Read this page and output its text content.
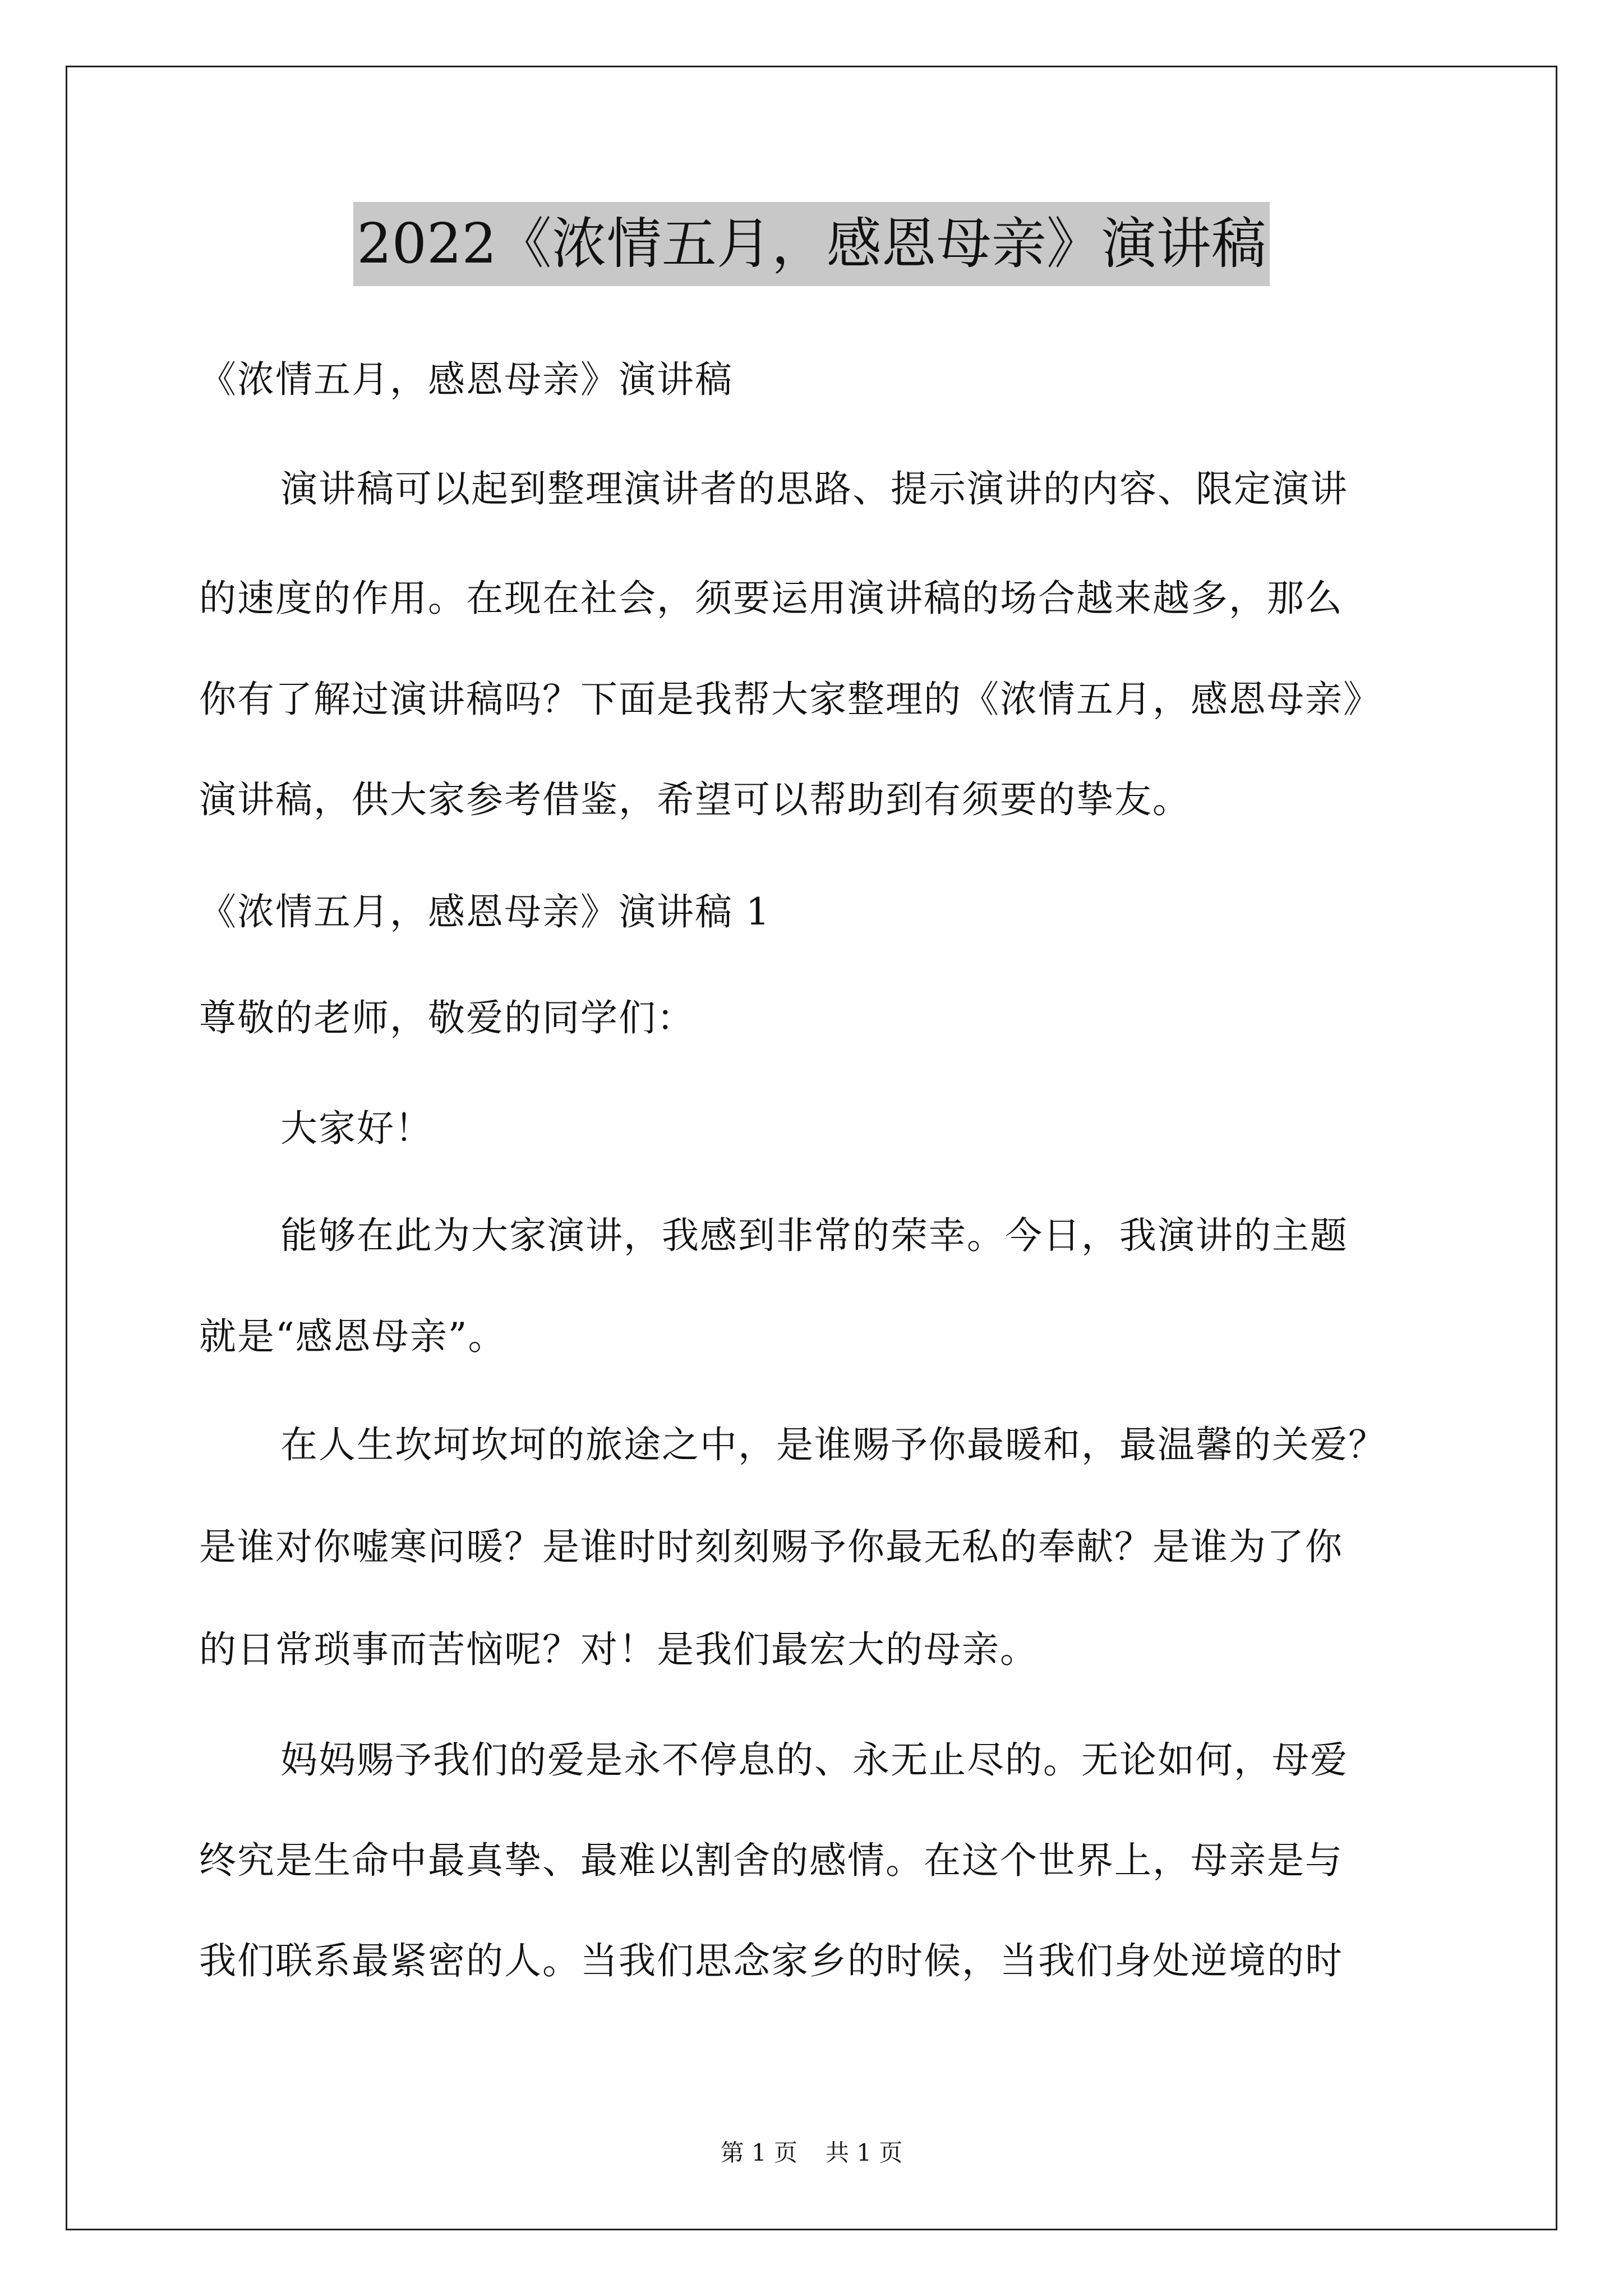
2022《浓情五月，感恩母亲》演讲稿
《浓情五月，感恩母亲》演讲稿
演讲稿可以起到整理演讲者的思路、提示演讲的内容、限定演讲
的速度的作用。在现在社会，须要运用演讲稿的场合越来越多，那么
你有了解过演讲稿吗？下面是我帮大家整理的《浓情五月，感恩母亲》
演讲稿，供大家参考借鉴，希望可以帮助到有须要的挚友。
《浓情五月，感恩母亲》演讲稿 1
尊敬的老师，敬爱的同学们：
大家好！
能够在此为大家演讲，我感到非常的荣幸。今日，我演讲的主题
就是“感恩母亲”。
在人生坎坷坎坷的旅途之中，是谁赐予你最暖和，最温馨的关爱？
是谁对你嘘寒问暖？是谁时时刻刻赐予你最无私的奉献？是谁为了你
的日常琐事而苦恼呢？对！是我们最宏大的母亲。
妈妈赐予我们的爱是永不停息的、永无止尽的。无论如何，母爱
终究是生命中最真挚、最难以割舍的感情。在这个世界上，母亲是与
我们联系最紧密的人。当我们思念家乡的时候，当我们身处逆境的时
第 1 页 共 1 页
